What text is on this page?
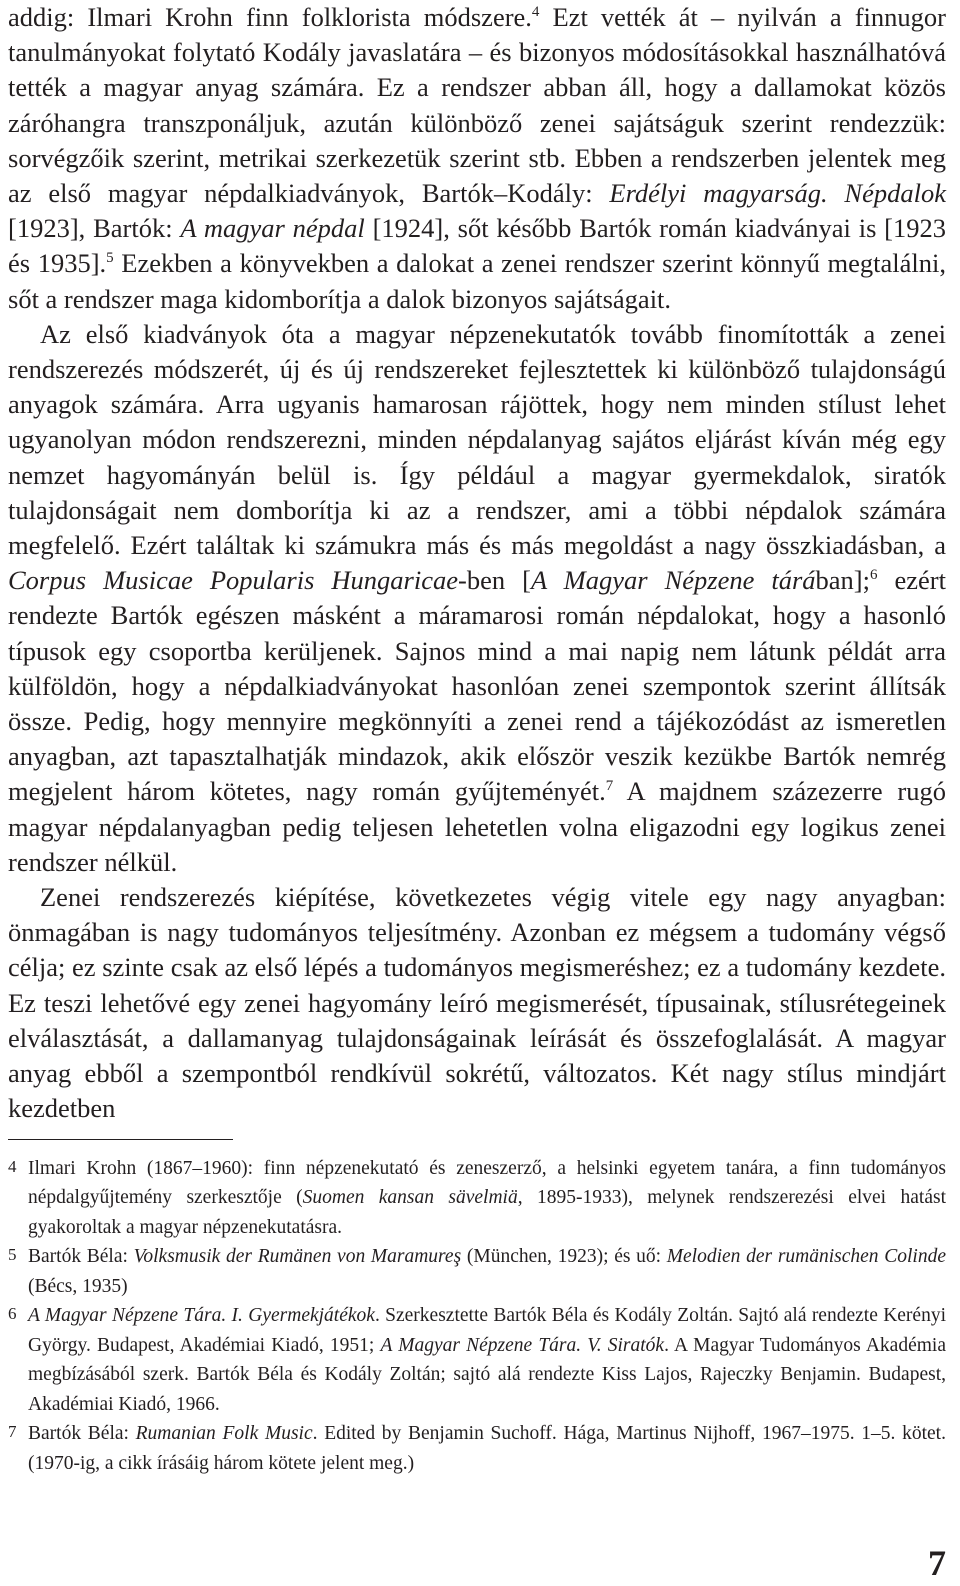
addig: Ilmari Krohn finn folklorista módszere.$^4$ Ezt vették át – nyilván a finnugor tanulmányokat folytató Kodály javaslatára – és bizonyos módosításokkal használhatóvá tették a magyar anyag számára. Ez a rendszer abban áll, hogy a dallamokat közös záróhangra transzponáljuk, azután különböző zenei sajátságuk szerint rendezzük: sorvégzőik szerint, metrikai szerkezetük szerint stb. Ebben a rendszerben jelentek meg az első magyar népdalkiadványok, Bartók–Kodály: Erdélyi magyarság. Népdalok [1923], Bartók: A magyar népdal [1924], sőt később Bartók román kiadványai is [1923 és 1935].$^5$ Ezekben a könyvekben a dalokat a zenei rendszer szerint könnyű megtalálni, sőt a rendszer maga kidomborítja a dalok bizonyos sajátságait.

Az első kiadványok óta a magyar népzenekutatók tovább finomították a zenei rendszerezés módszerét, új és új rendszereket fejlesztettek ki különböző tulajdonságú anyagok számára. Arra ugyanis hamarosan rájöttek, hogy nem minden stílust lehet ugyanolyan módon rendszerezni, minden népdalanyag sajátos eljárást kíván még egy nemzet hagyományán belül is. Így például a magyar gyermekdalok, siratók tulajdonságait nem domborítja ki az a rendszer, ami a többi népdalok számára megfelelő. Ezért találtak ki számukra más és más megoldást a nagy összkiadásban, a Corpus Musicae Popularis Hungaricae-ben [A Magyar Népzene tárában];$^6$ ezért rendezte Bartók egészen másként a máramarosi román népdalokat, hogy a hasonló típusok egy csoportba kerüljenek. Sajnos mind a mai napig nem látunk példát arra külföldön, hogy a népdalkiadványokat hasonlóan zenei szempontok szerint állítsák össze. Pedig, hogy mennyire megkönnyíti a zenei rend a tájékozódást az ismeretlen anyagban, azt tapasztalhatják mindazok, akik először veszik kezükbe Bartók nemrég megjelent három kötetes, nagy román gyűjteményét.$^7$ A majdnem százezerre rugó magyar népdalanyagban pedig teljesen lehetetlen volna eligazodni egy logikus zenei rendszer nélkül.

Zenei rendszerezés kiépítése, következetes végig vitele egy nagy anyagban: önmagában is nagy tudományos teljesítmény. Azonban ez mégsem a tudomány végső célja; ez szinte csak az első lépés a tudományos megismeréshez; ez a tudomány kezdete. Ez teszi lehetővé egy zenei hagyomány leíró megismerését, típusainak, stílusrétegeinek elválasztását, a dallamanyag tulajdonságainak leírását és összefoglalását. A magyar anyag ebből a szempontból rendkívül sokrétű, változatos. Két nagy stílus mindjárt kezdetben

4 Ilmari Krohn (1867–1960): finn népzenekutató és zeneszerző, a helsinki egyetem tanára, a finn tudományos népdalgyűjtemény szerkesztője (Suomen kansan sävelmiä, 1895-1933), melynek rendszerezési elvei hatást gyakoroltak a magyar népzenekutatásra.
5 Bartók Béla: Volksmusik der Rumänen von Maramureş (München, 1923); és uő: Melodien der rumänischen Colinde (Bécs, 1935)
6 A Magyar Népzene Tára. I. Gyermekjátékok. Szerkesztette Bartók Béla és Kodály Zoltán. Sajtó alá rendezte Kerényi György. Budapest, Akadémiai Kiadó, 1951; A Magyar Népzene Tára. V. Siratók. A Magyar Tudományos Akadémia megbízásából szerk. Bartók Béla és Kodály Zoltán; sajtó alá rendezte Kiss Lajos, Rajeczky Benjamin. Budapest, Akadémiai Kiadó, 1966.
7 Bartók Béla: Rumanian Folk Music. Edited by Benjamin Suchoff. Hága, Martinus Nijhoff, 1967–1975. 1–5. kötet. (1970-ig, a cikk írásáig három kötete jelent meg.)
7
